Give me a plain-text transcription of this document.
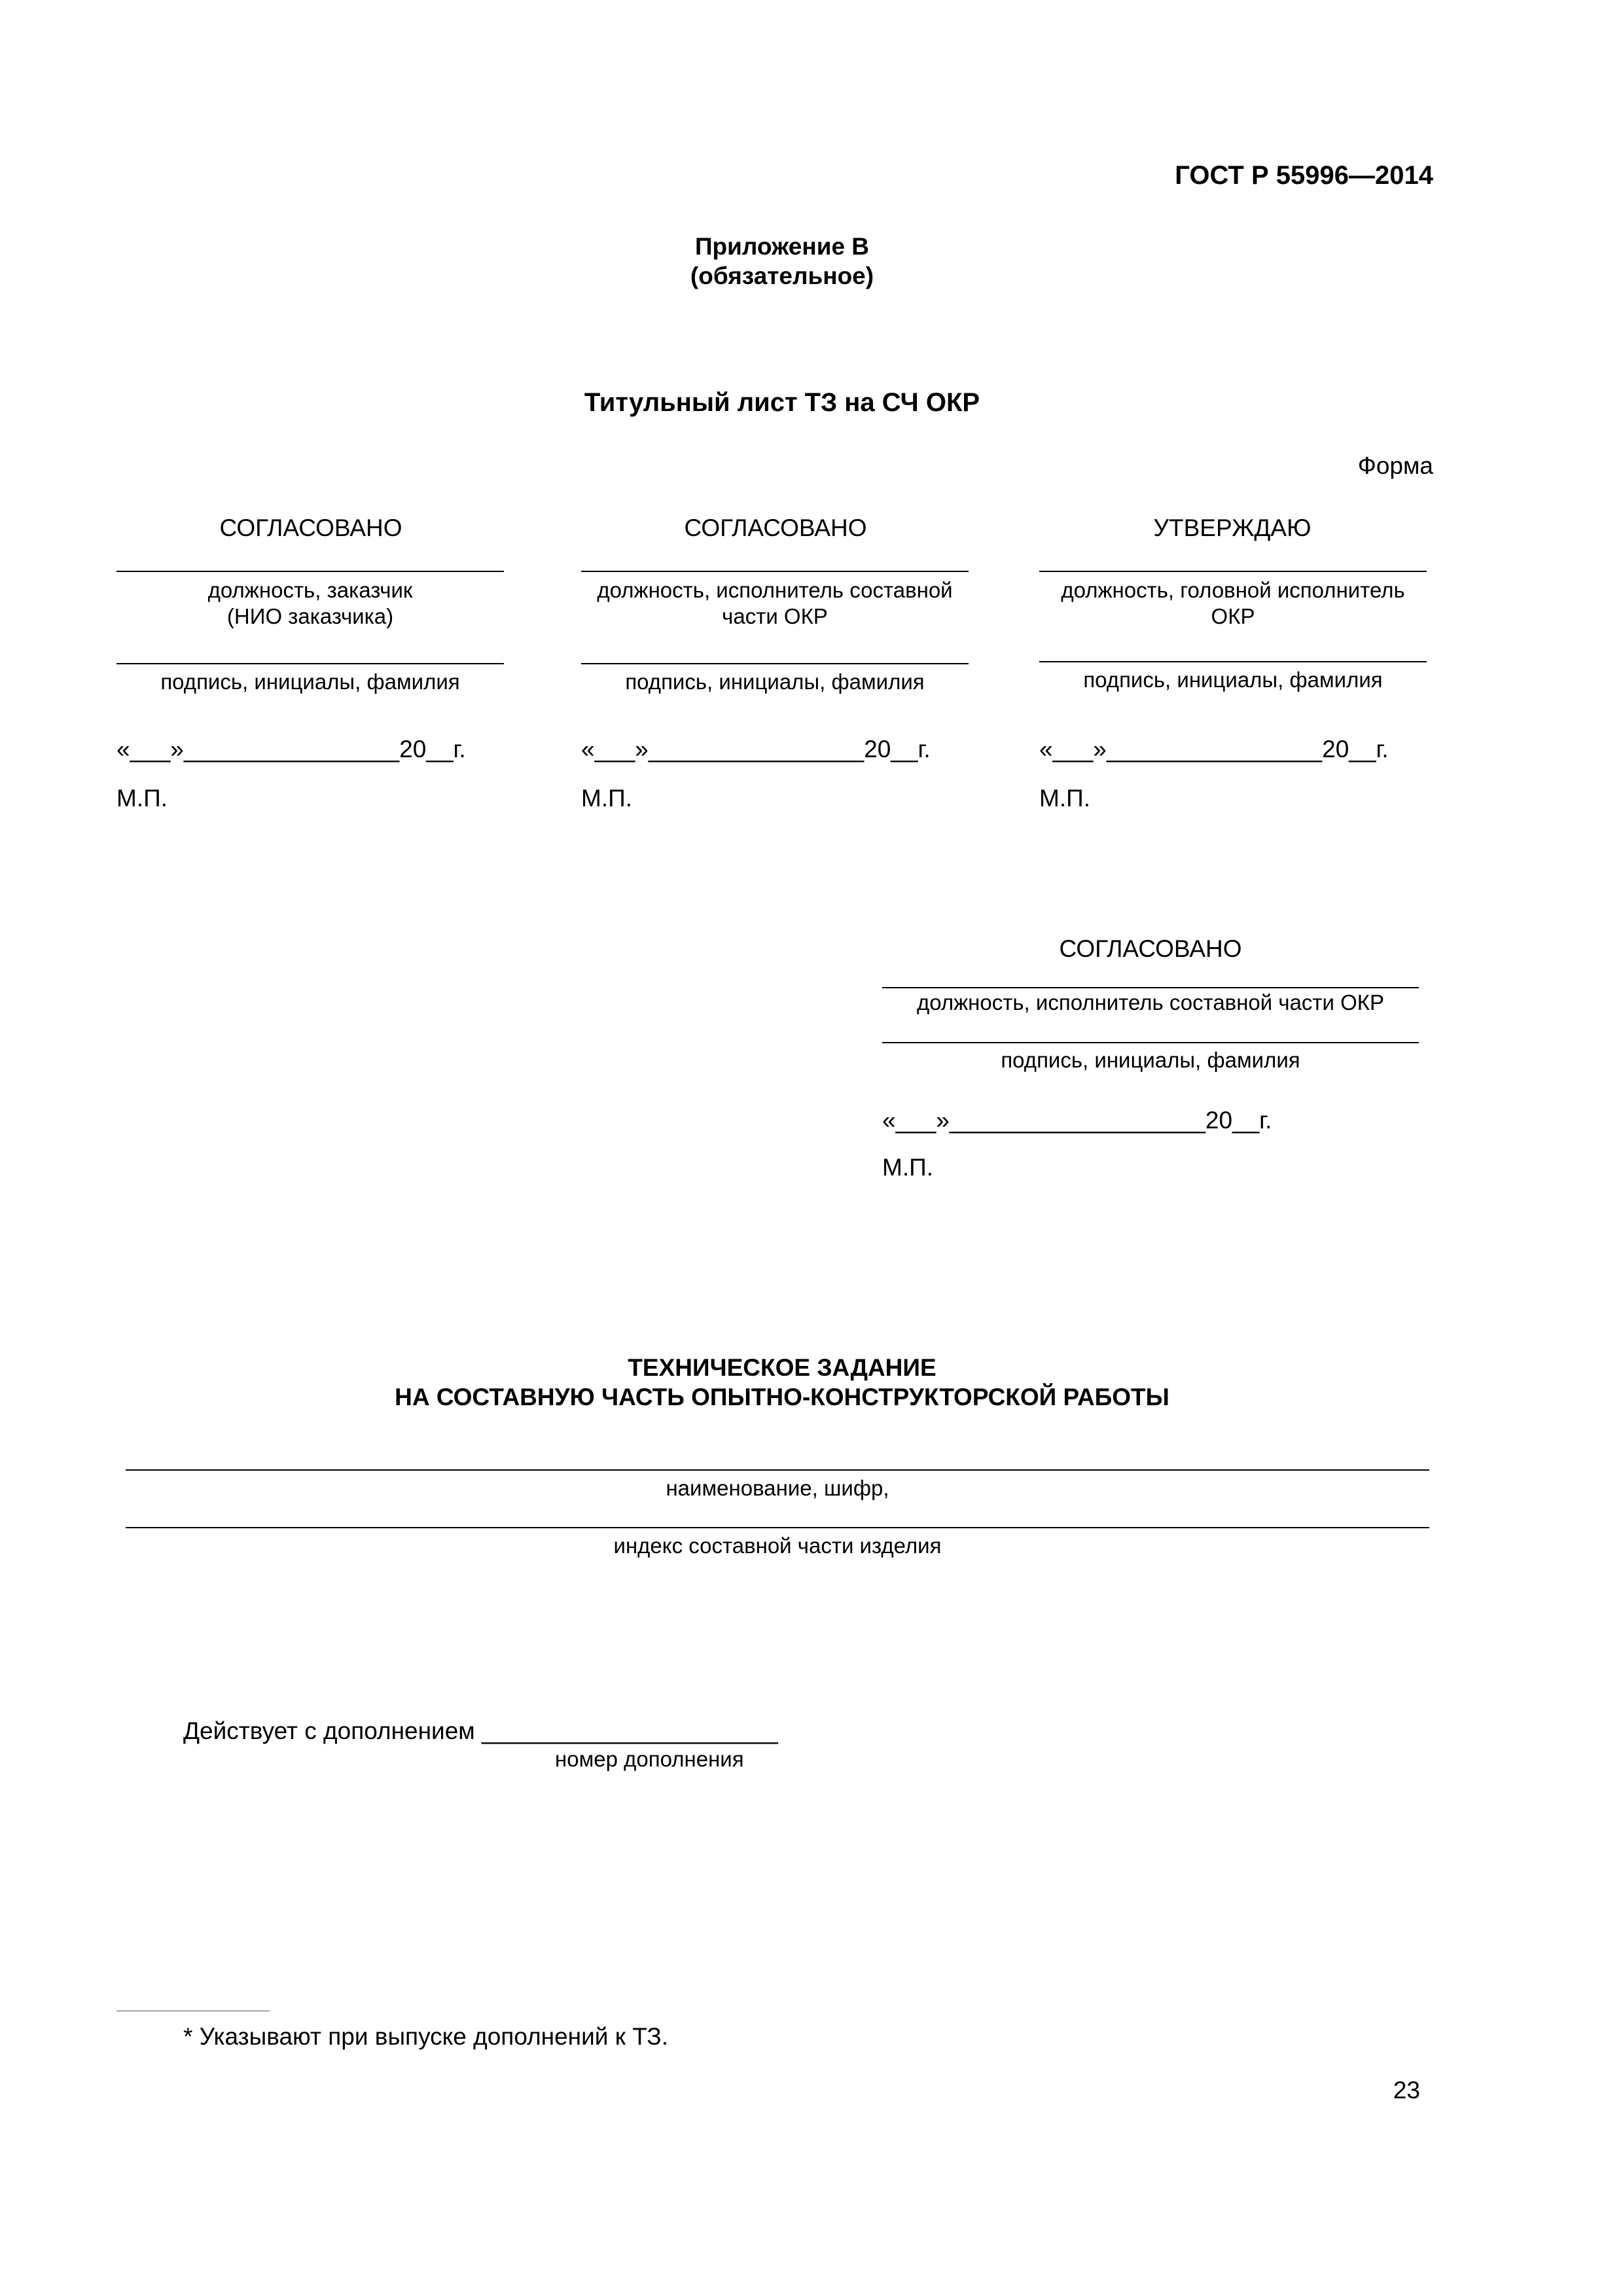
ГОСТ Р 55996—2014
Приложение В
(обязательное)
Титульный лист ТЗ на СЧ ОКР
Форма
СОГЛАСОВАНО
должность, заказчик
(НИО заказчика)
подпись, инициалы, фамилия
«___»________________20__г.
М.П.
СОГЛАСОВАНО
должность, исполнитель составной
части ОКР
подпись, инициалы, фамилия
«___»________________20__г.
М.П.
УТВЕРЖДАЮ
должность, головной исполнитель
ОКР
подпись, инициалы, фамилия
«___»________________20__г.
М.П.
СОГЛАСОВАНО
должность, исполнитель составной части ОКР
подпись, инициалы, фамилия
«___»___________________20__г.
М.П.
ТЕХНИЧЕСКОЕ ЗАДАНИЕ
НА СОСТАВНУЮ ЧАСТЬ ОПЫТНО-КОНСТРУКТОРСКОЙ РАБОТЫ
наименование, шифр,
индекс составной части изделия
Действует с дополнением ______________________
номер дополнения
* Указывают при выпуске дополнений к ТЗ.
23
